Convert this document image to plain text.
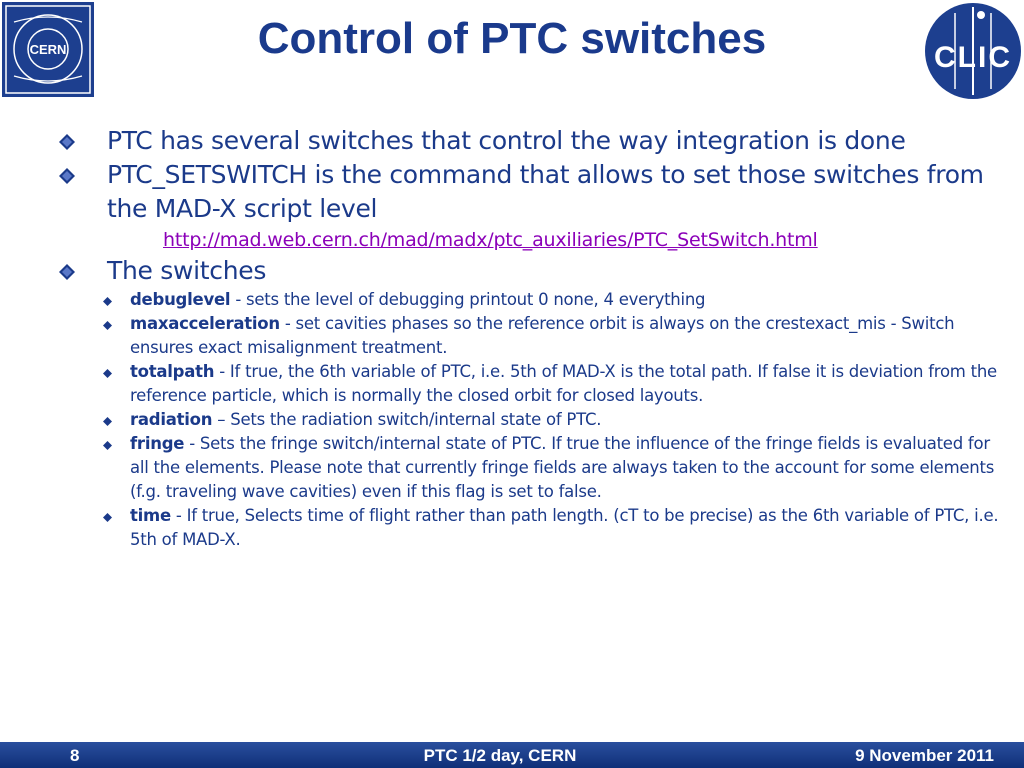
CERN	Control of PTC switches	CLIC
PTC has several switches that control the way integration is done
PTC_SETSWITCH is the command that allows to set those switches from the MAD-X script level
http://mad.web.cern.ch/mad/madx/ptc_auxiliaries/PTC_SetSwitch.html
The switches
debuglevel - sets the level of debugging printout 0 none, 4 everything
maxacceleration - set cavities phases so the reference orbit is always on the crestexact_mis - Switch ensures exact misalignment treatment.
totalpath - If true, the 6th variable of PTC, i.e. 5th of MAD-X is the total path. If false it is deviation from the reference particle, which is normally the closed orbit for closed layouts.
radiation – Sets the radiation switch/internal state of PTC.
fringe - Sets the fringe switch/internal state of PTC. If true the influence of the fringe fields is evaluated for all the elements. Please note that currently fringe fields are always taken to the account for some elements (f.g. traveling wave cavities) even if this flag is set to false.
time - If true, Selects time of flight rather than path length. (cT to be precise) as the 6th variable of PTC, i.e. 5th of MAD-X.
8	PTC 1/2 day, CERN	9 November 2011
